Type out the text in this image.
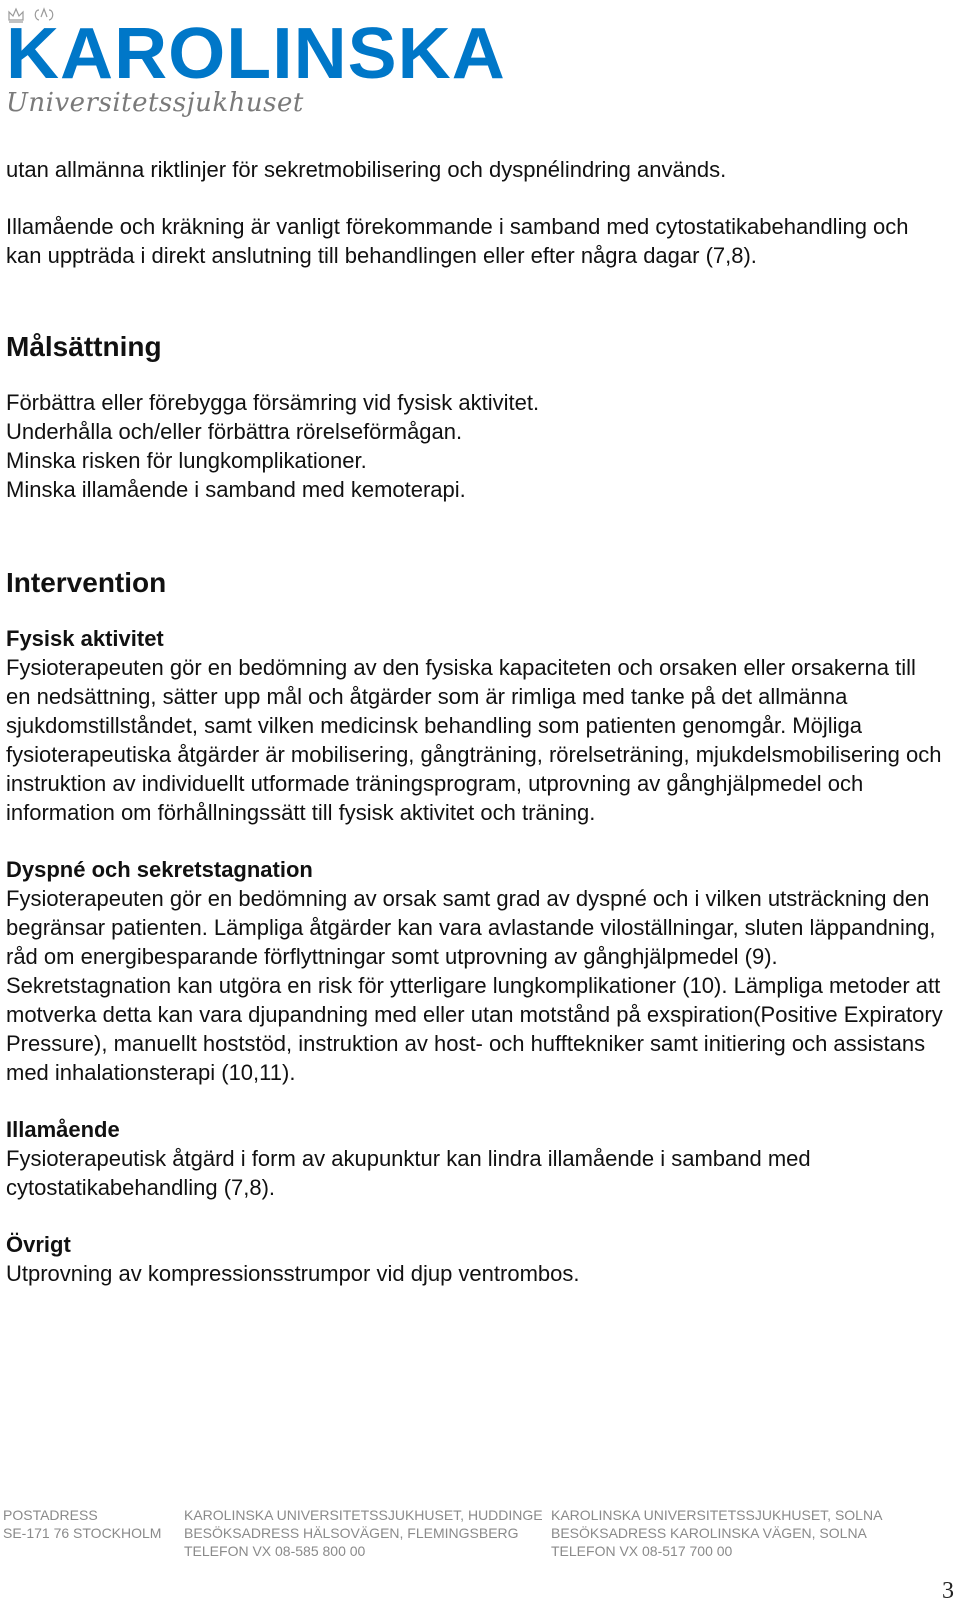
KAROLINSKA
Universitetssjukhuset

utan allmänna riktlinjer för sekretmobilisering och dyspnélindring används.

Illamående och kräkning är vanligt förekommande i samband med cytostatikabehandling och kan uppträda i direkt anslutning till behandlingen eller efter några dagar (7,8).

Målsättning

Förbättra eller förebygga försämring vid fysisk aktivitet.

Underhålla och/eller förbättra rörelseförmågan.

Minska risken för lungkomplikationer.

Minska illamående i samband med kemoterapi.

Intervention

Fysisk aktivitet

Fysioterapeuten gör en bedömning av den fysiska kapaciteten och orsaken eller orsakerna till en nedsättning, sätter upp mål och åtgärder som är rimliga med tanke på det allmänna sjukdomstillståndet, samt vilken medicinsk behandling som patienten genomgår. Möjliga fysioterapeutiska åtgärder är mobilisering, gångträning, rörelseträning, mjukdelsmobilisering och instruktion av individuellt utformade träningsprogram, utprovning av gånghjälpmedel och information om förhållningssätt till fysisk aktivitet och träning.

Dyspné och sekretstagnation

Fysioterapeuten gör en bedömning av orsak samt grad av dyspné och i vilken utsträckning den begränsar patienten. Lämpliga åtgärder kan vara avlastande viloställningar, sluten läppandning, råd om energibesparande förflyttningar somt utprovning av gånghjälpmedel (9).

Sekretstagnation kan utgöra en risk för ytterligare lungkomplikationer (10). Lämpliga metoder att motverka detta kan vara djupandning med eller utan motstånd på exspiration(Positive Expiratory Pressure), manuellt hoststöd, instruktion av host- och hufftekniker samt initiering och assistans med inhalationsterapi (10,11).

Illamående

Fysioterapeutisk åtgärd i form av akupunktur kan lindra illamående i samband med cytostatikabehandling (7,8).

Övrigt

Utprovning av kompressionsstrumpor vid djup ventrombos.

POSTADRESS
SE-171 76 STOCKHOLM
KAROLINSKA UNIVERSITETSSJUKHUSET, HUDDINGE
BESÖKSADRESS HÄLSOVÄGEN, FLEMINGSBERG
TELEFON VX 08-585 800 00
KAROLINSKA UNIVERSITETSSJUKHUSET, SOLNA
BESÖKSADRESS KAROLINSKA VÄGEN, SOLNA
TELEFON VX 08-517 700 00
3
